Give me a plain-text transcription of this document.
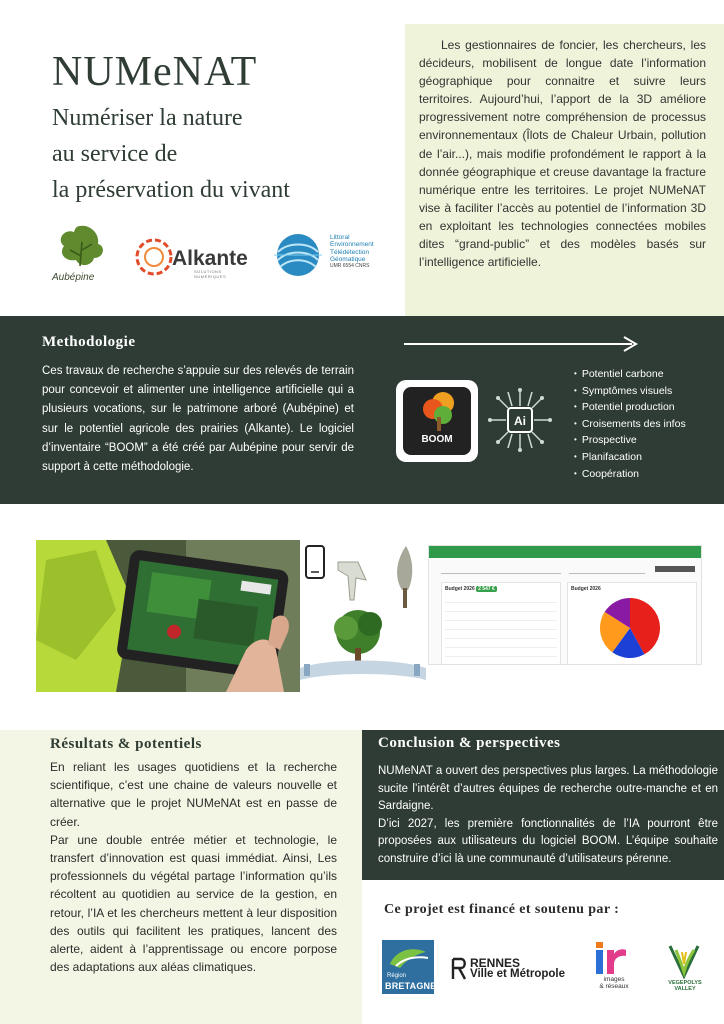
NUMeNAT
Numériser la nature
au service de
la préservation du vivant
Aubépine
Alkante
SOLUTIONS NUMÉRIQUES
Littoral
Environnement
Télédétection
Géomatique
UMR 6554 CNRS

Les gestionnaires de foncier, les chercheurs, les décideurs, mobilisent de longue date l’information géographique pour connaitre et suivre leurs territoires. Aujourd’hui, l’apport de la 3D améliore progressivement notre compréhension de processus environnementaux (Îlots de Chaleur Urbain, pollution de l’air...), mais modifie profondément le rapport à la donnée géographique et creuse davantage la fracture numérique entre les territoires. Le projet NUMeNAT vise à faciliter l’accès au potentiel de l’information 3D en exploitant les technologies connectées mobiles dites “grand-public” et des modèles basés sur l’intelligence artificielle.

Methodologie
Ces travaux de recherche s’appuie sur des relevés de terrain pour concevoir et alimenter une intelligence artificielle qui a plusieurs vocations, sur le patrimone arboré (Aubépine) et sur le potentiel agricole des prairies (Alkante). Le logiciel d’inventaire “BOOM” a été créé par Aubépine pour servir de support à cette méthodologie.
BOOM
Ai
• Potentiel carbone
• Symptômes visuels
• Potentiel production
• Croisements des infos
• Prospective
• Planifacation
• Coopération
Budget 2026 2 547 €	Budget 2026
Résultats & potentiels
En reliant les usages quotidiens et la recherche scientifique, c’est une chaine de valeurs nouvelle et alternative que le projet NUMeNAt est en passe de créer.
Par une double entrée métier et technologie, le transfert d’innovation est quasi immédiat. Ainsi, Les professionnels du végétal partage l’information qu’ils récoltent au quotidien au service de la gestion, en retour, l’IA et les chercheurs mettent à leur disposition des outils qui facilitent les pratiques, lancent des alerte, aident à l’apprentissage ou encore porpose des adaptations aux aléas climatiques.
Conclusion & perspectives
NUMeNAT a ouvert des perspectives plus larges. La méthodologie sucite l’intérêt d’autres équipes de recherche outre-manche et en Sardaigne.
D’ici 2027, les première fonctionnalités de l’IA pourront être proposées aux utilisateurs du logiciel BOOM. L’équipe souhaite construire d’ici là une communauté d’utilisateurs pérenne.
Ce projet est financé et soutenu par :
Région
BRETAGNE
RENNES
Ville et Métropole	images
& réseaux	VEGEPOLYS
VALLEY
